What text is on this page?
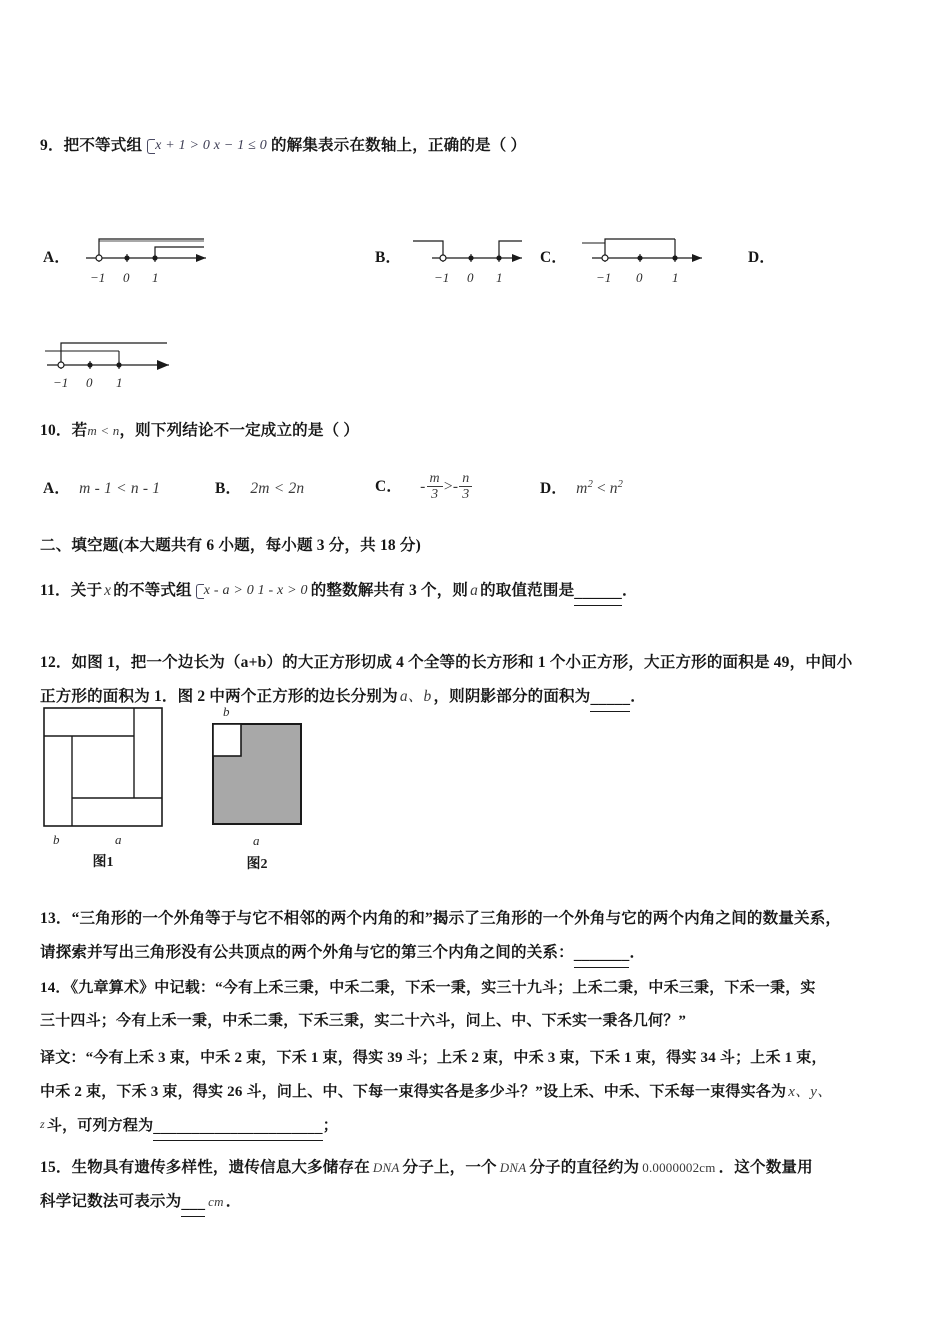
9．把不等式组 x + 1 > 0 x − 1 ≤ 0 的解集表示在数轴上，正确的是（ ）
A．
−1 0 1
B．
−1 0 1
C．
−1 0 1
D．
−1 0 1
10．若m < n，则下列结论不一定成立的是（ ）
A． m - 1 < n - 1	B． 2m < 2n	C． - $\frac{m}{3} >- \frac{n}{3}$	D． $m^2 < n^2$
二、填空题(本大题共有 6 小题，每小题 3 分，共 18 分)
11．关于 x 的不等式组 x - a > 0 1 - x > 0 的整数解共有 3 个，则 a 的取值范围是______．
12．如图 1，把一个边长为（a+b）的大正方形切成 4 个全等的长方形和 1 个小正方形，大正方形的面积是 49，中间小
正方形的面积为 1．图 2 中两个正方形的边长分别为 a、b ，则阴影部分的面积为_____．
b	a
图1
b
a
图2
13．“三角形的一个外角等于与它不相邻的两个内角的和”揭示了三角形的一个外角与它的两个内角之间的数量关系，
请探索并写出三角形没有公共顶点的两个外角与它的第三个内角之间的关系：_______．
14．《九章算术》中记载：“今有上禾三秉，中禾二秉，下禾一秉，实三十九斗；上禾二秉，中禾三秉，下禾一秉，实
三十四斗；今有上禾一秉，中禾二秉，下禾三秉，实二十六斗，问上、中、下禾实一秉各几何？”
译文：“今有上禾 3 束，中禾 2 束，下禾 1 束，得实 39 斗；上禾 2 束，中禾 3 束，下禾 1 束，得实 34 斗；上禾 1 束，
中禾 2 束，下禾 3 束，得实 26 斗，问上、中、下每一束得实各是多少斗？”设上禾、中禾、下禾每一束得实各为 x、y、
z 斗，可列方程为______________________；
15．生物具有遗传多样性，遗传信息大多储存在 DNA 分子上，一个 DNA 分子的直径约为 0.0000002cm ．这个数量用
科学记数法可表示为___ cm ．
